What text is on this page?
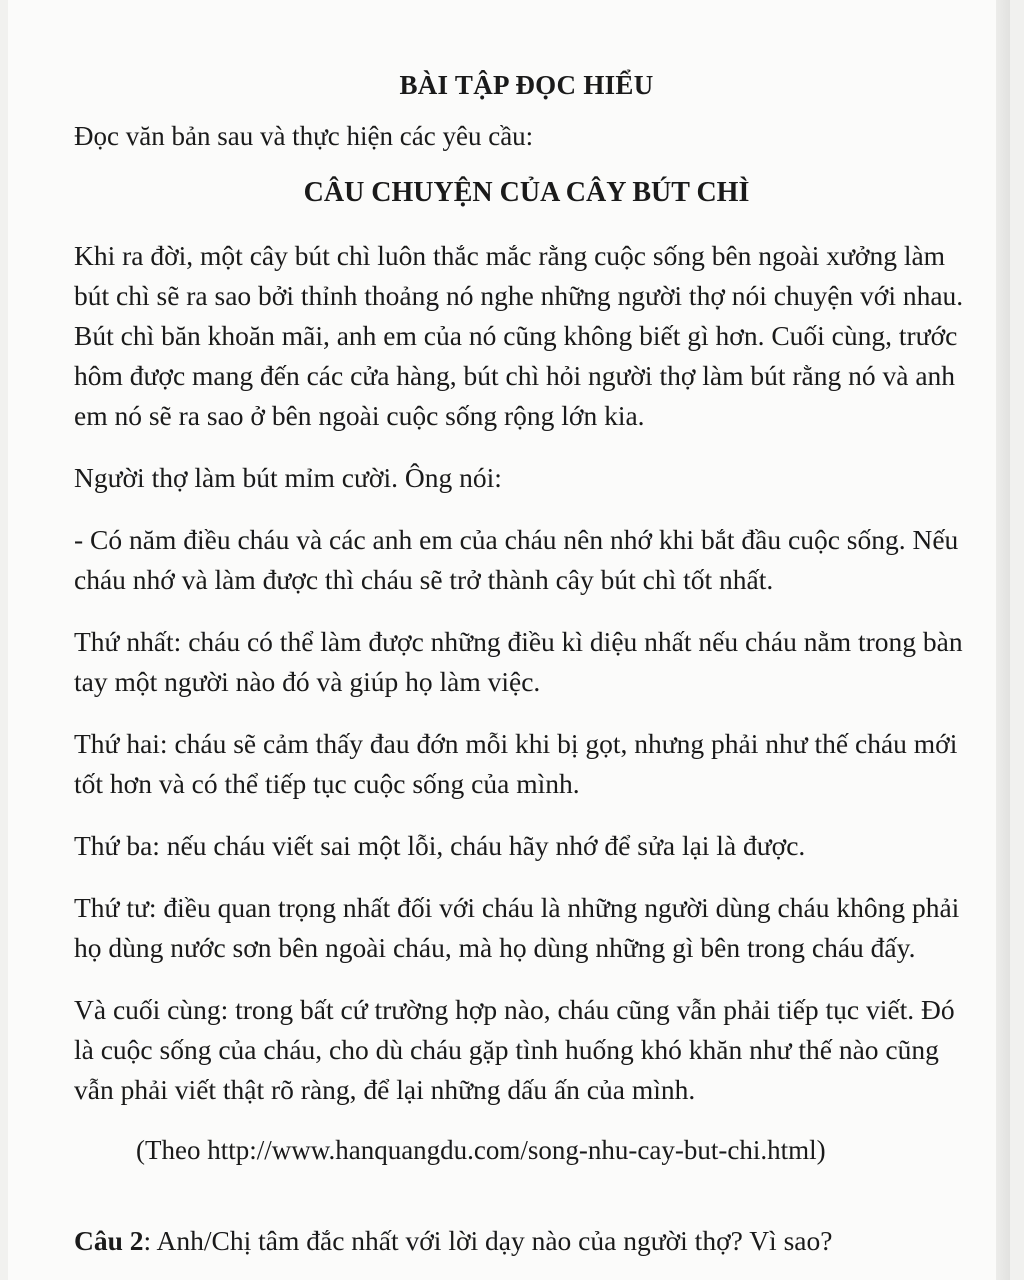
BÀI TẬP ĐỌC HIỂU

Đọc văn bản sau và thực hiện các yêu cầu:

CÂU CHUYỆN CỦA CÂY BÚT CHÌ

Khi ra đời, một cây bút chì luôn thắc mắc rằng cuộc sống bên ngoài xưởng làm bút chì sẽ ra sao bởi thỉnh thoảng nó nghe những người thợ nói chuyện với nhau. Bút chì băn khoăn mãi, anh em của nó cũng không biết gì hơn. Cuối cùng, trước hôm được mang đến các cửa hàng, bút chì hỏi người thợ làm bút rằng nó và anh em nó sẽ ra sao ở bên ngoài cuộc sống rộng lớn kia.

Người thợ làm bút mỉm cười. Ông nói:

- Có năm điều cháu và các anh em của cháu nên nhớ khi bắt đầu cuộc sống. Nếu cháu nhớ và làm được thì cháu sẽ trở thành cây bút chì tốt nhất.

Thứ nhất: cháu có thể làm được những điều kì diệu nhất nếu cháu nằm trong bàn tay một người nào đó và giúp họ làm việc.

Thứ hai: cháu sẽ cảm thấy đau đớn mỗi khi bị gọt, nhưng phải như thế cháu mới tốt hơn và có thể tiếp tục cuộc sống của mình.

Thứ ba: nếu cháu viết sai một lỗi, cháu hãy nhớ để sửa lại là được.

Thứ tư: điều quan trọng nhất đối với cháu là những người dùng cháu không phải họ dùng nước sơn bên ngoài cháu, mà họ dùng những gì bên trong cháu đấy.

Và cuối cùng: trong bất cứ trường hợp nào, cháu cũng vẫn phải tiếp tục viết. Đó là cuộc sống của cháu, cho dù cháu gặp tình huống khó khăn như thế nào cũng vẫn phải viết thật rõ ràng, để lại những dấu ấn của mình.

(Theo http://www.hanquangdu.com/song-nhu-cay-but-chi.html)

Câu 2: Anh/Chị tâm đắc nhất với lời dạy nào của người thợ? Vì sao?
